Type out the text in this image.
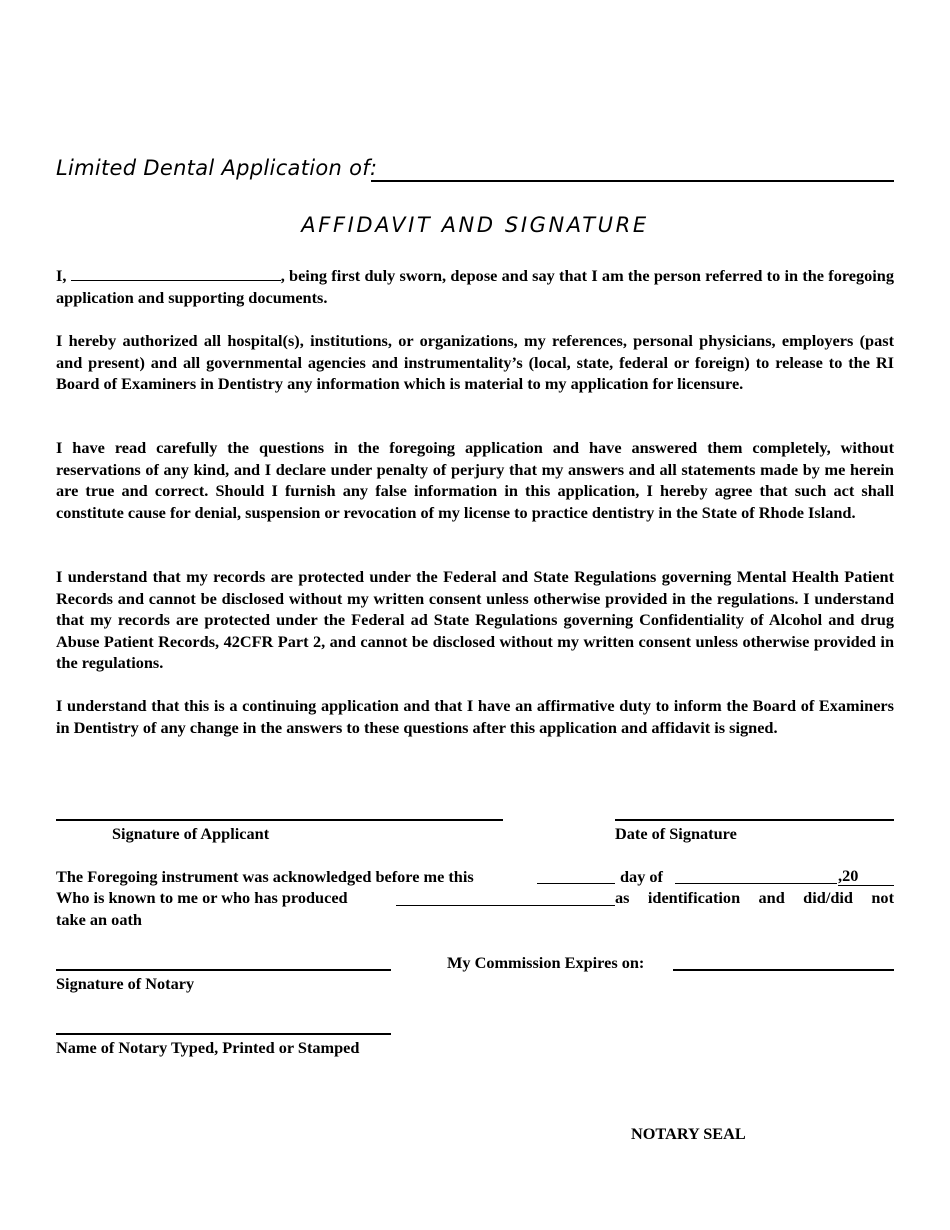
Limited Dental Application of:
AFFIDAVIT AND SIGNATURE
I,	, being first duly sworn, depose and say that I am the person referred to in the foregoing application and supporting documents.
I hereby authorized all hospital(s), institutions, or organizations, my references, personal physicians, employers (past and present) and all governmental agencies and instrumentality’s (local, state, federal or foreign) to release to the RI Board of Examiners in Dentistry any information which is material to my application for licensure.
I have read carefully the questions in the foregoing application and have answered them completely, without reservations of any kind, and I declare under penalty of perjury that my answers and all statements made by me herein are true and correct. Should I furnish any false information in this application, I hereby agree that such act shall constitute cause for denial, suspension or revocation of my license to practice dentistry in the State of Rhode Island.
I understand that my records are protected under the Federal and State Regulations governing Mental Health Patient Records and cannot be disclosed without my written consent unless otherwise provided in the regulations. I understand that my records are protected under the Federal ad State Regulations governing Confidentiality of Alcohol and drug Abuse Patient Records, 42CFR Part 2, and cannot be disclosed without my written consent unless otherwise provided in the regulations.
I understand that this is a continuing application and that I have an affirmative duty to inform the Board of Examiners in Dentistry of any change in the answers to these questions after this application and affidavit is signed.
Signature of Applicant	Date of Signature
The Foregoing instrument was acknowledged before me this	day of	,20
Who is known to me or who has produced	as identification and did/did not
take an oath
My Commission Expires on:
Signature of Notary
Name of Notary Typed, Printed or Stamped
NOTARY SEAL
